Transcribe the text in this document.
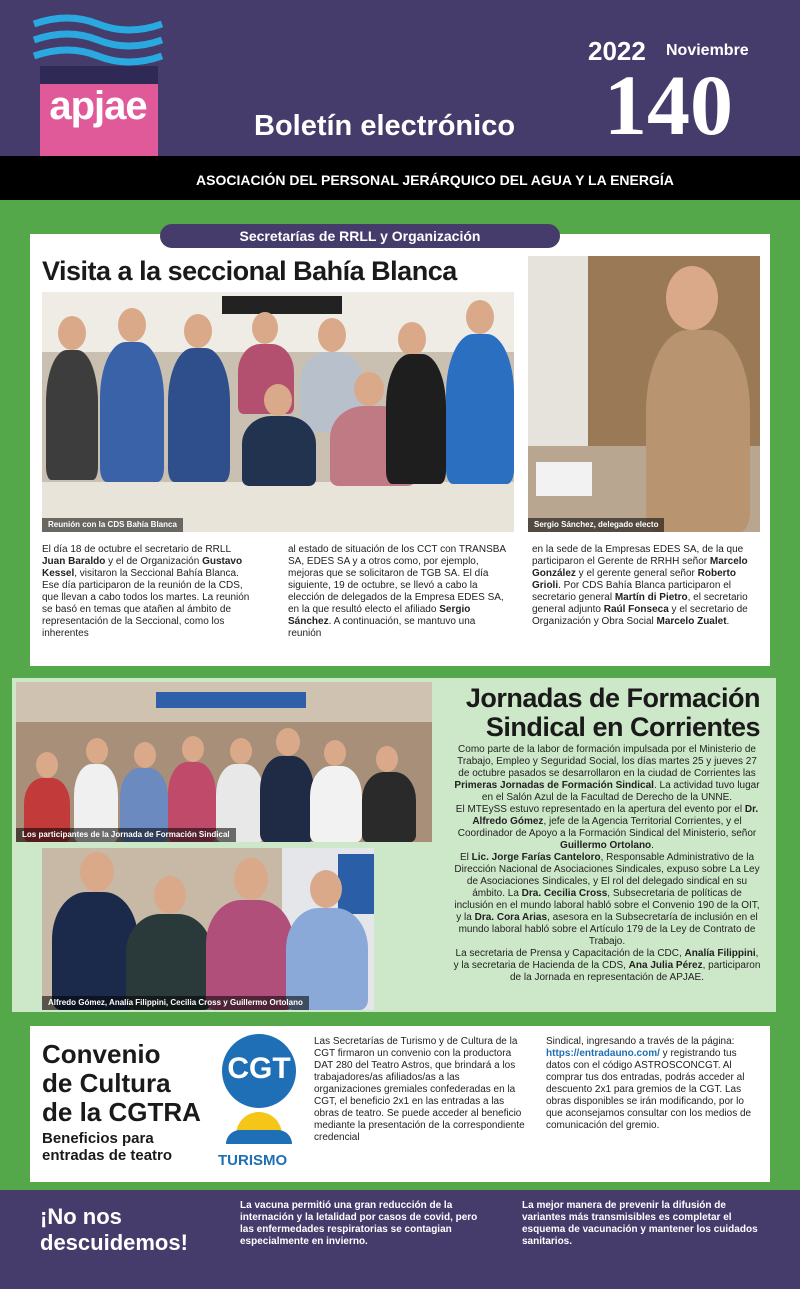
apjae
2022 Noviembre
140
Boletín electrónico
ASOCIACIÓN DEL PERSONAL JERÁRQUICO DEL AGUA Y LA ENERGÍA
Secretarías de RRLL y Organización
Visita a la seccional Bahía Blanca
Reunión con la CDS Bahía Blanca	Sergio Sánchez, delegado electo
El día 18 de octubre el secretario de RRLL Juan Baraldo y el de Organización Gustavo Kessel, visitaron la Seccional Bahía Blanca. Ese día participaron de la reunión de la CDS, que llevan a cabo todos los martes. La reunión se basó en temas que atañen al ámbito de representación de la Seccional, como los inherentes
al estado de situación de los CCT con TRANSBA SA, EDES SA y a otros como, por ejemplo, mejoras que se solicitaron de TGB SA. El día siguiente, 19 de octubre, se llevó a cabo la elección de delegados de la Empresa EDES SA, en la que resultó electo el afiliado Sergio Sánchez. A continuación, se mantuvo una reunión
en la sede de la Empresas EDES SA, de la que participaron el Gerente de RRHH señor Marcelo González y el gerente general señor Roberto Grioli. Por CDS Bahía Blanca participaron el secretario general Martín di Pietro, el secretario general adjunto Raúl Fonseca y el secretario de Organización y Obra Social Marcelo Zualet.
Jornadas de Formación
Sindical en Corrientes
Los participantes de la Jornada de Formación Sindical
Alfredo Gómez, Analía Filippini, Cecilia Cross y Guillermo Ortolano

Como parte de la labor de formación impulsada por el Ministerio de Trabajo, Empleo y Seguridad Social, los días martes 25 y jueves 27 de octubre pasados se desarrollaron en la ciudad de Corrientes las Primeras Jornadas de Formación Sindical. La actividad tuvo lugar en el Salón Azul de la Facultad de Derecho de la UNNE.

El MTEySS estuvo representado en la apertura del evento por el Dr. Alfredo Gómez, jefe de la Agencia Territorial Corrientes, y el Coordinador de Apoyo a la Formación Sindical del Ministerio, señor Guillermo Ortolano.

El Lic. Jorge Farías Canteloro, Responsable Administrativo de la Dirección Nacional de Asociaciones Sindicales, expuso sobre La Ley de Asociaciones Sindicales, y El rol del delegado sindical en su ámbito. La Dra. Cecilia Cross, Subsecretaria de políticas de inclusión en el mundo laboral habló sobre el Convenio 190 de la OIT, y la Dra. Cora Arias, asesora en la Subsecretaría de inclusión en el mundo laboral habló sobre el Artículo 179 de la Ley de Contrato de Trabajo.

La secretaria de Prensa y Capacitación de la CDC, Analía Filippini, y la secretaria de Hacienda de la CDS, Ana Julia Pérez, participaron de la Jornada en representación de APJAE.

Convenio
de Cultura
de la CGTRA
Beneficios para
entradas de teatro
CGT
TURISMO
Las Secretarías de Turismo y de Cultura de la CGT firmaron un convenio con la productora DAT 280 del Teatro Astros, que brindará a los trabajadores/as afiliados/as a las organizaciones gremiales confederadas en la CGT, el beneficio 2x1 en las entradas a las obras de teatro. Se puede acceder al beneficio mediante la presentación de la correspondiente credencial
Sindical, ingresando a través de la página: https://entradauno.com/ y registrando tus datos con el código ASTROSCONCGT. Al comprar tus dos entradas, podrás acceder al descuento 2x1 para gremios de la CGT. Las obras disponibles se irán modificando, por lo que aconsejamos consultar con los medios de comunicación del gremio.
¡No nos
descuidemos!
La vacuna permitió una gran reducción de la internación y la letalidad por casos de covid, pero las enfermedades respiratorias se contagian especialmente en invierno.
La mejor manera de prevenir la difusión de variantes más transmisibles es completar el esquema de vacunación y mantener los cuidados sanitarios.
